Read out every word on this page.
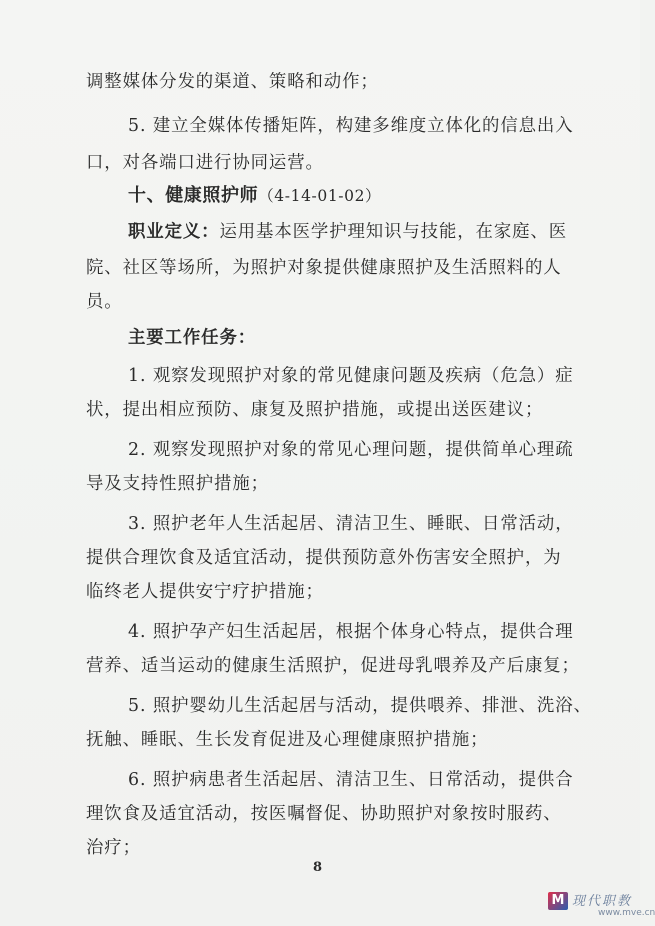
调整媒体分发的渠道、策略和动作；
5. 建立全媒体传播矩阵，构建多维度立体化的信息出入
口，对各端口进行协同运营。
十、健康照护师（4-14-01-02）
职业定义：运用基本医学护理知识与技能，在家庭、医
院、社区等场所，为照护对象提供健康照护及生活照料的人
员。
主要工作任务：
1. 观察发现照护对象的常见健康问题及疾病（危急）症
状，提出相应预防、康复及照护措施，或提出送医建议；
2. 观察发现照护对象的常见心理问题，提供简单心理疏
导及支持性照护措施；
3. 照护老年人生活起居、清洁卫生、睡眠、日常活动，
提供合理饮食及适宜活动，提供预防意外伤害安全照护，为
临终老人提供安宁疗护措施；
4. 照护孕产妇生活起居，根据个体身心特点，提供合理
营养、适当运动的健康生活照护，促进母乳喂养及产后康复；
5. 照护婴幼儿生活起居与活动，提供喂养、排泄、洗浴、
抚触、睡眠、生长发育促进及心理健康照护措施；
6. 照护病患者生活起居、清洁卫生、日常活动，提供合
理饮食及适宜活动，按医嘱督促、协助照护对象按时服药、
治疗；
8
M 现代职教
www.mve.cn
